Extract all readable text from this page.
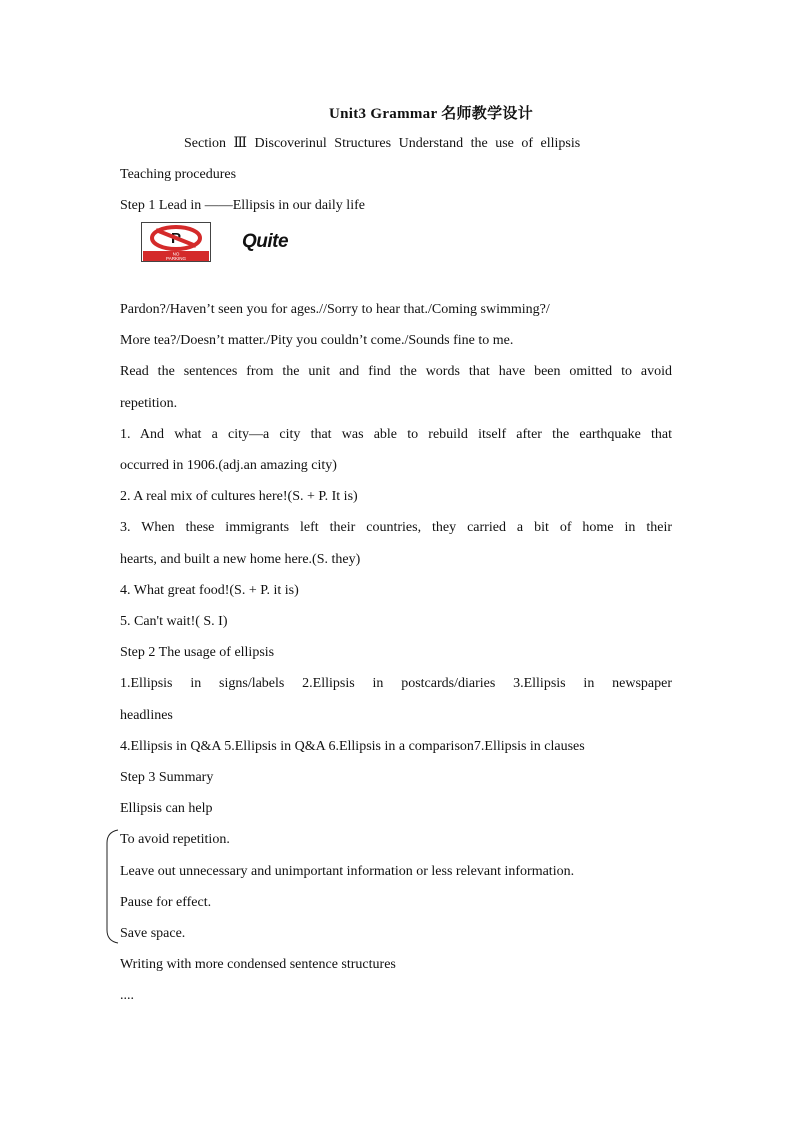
Unit3 Grammar 名师教学设计
Section Ⅲ Discoverinul Structures Understand the use of ellipsis
Teaching procedures
Step 1 Lead in ——Ellipsis in our daily life
NO
PARKING
Quite
Pardon?/Haven’t seen you for ages.//Sorry to hear that./Coming swimming?/
More tea?/Doesn’t matter./Pity you couldn’t come./Sounds fine to me.
Read the sentences from the unit and find the words that have been omitted to avoid
repetition.
1. And what a city—a city that was able to rebuild itself after the earthquake that
occurred in 1906.(adj.an amazing city)
2. A real mix of cultures here!(S. + P. It is)
3. When these immigrants left their countries, they carried a bit of home in their
hearts, and built a new home here.(S. they)
4. What great food!(S. + P. it is)
5. Can't wait!( S. I)
Step 2 The usage of ellipsis
1.Ellipsis in signs/labels 2.Ellipsis in postcards/diaries 3.Ellipsis in newspaper
headlines
4.Ellipsis in Q&A 5.Ellipsis in Q&A 6.Ellipsis in a comparison7.Ellipsis in clauses
Step 3 Summary
Ellipsis can help
To avoid repetition.
Leave out unnecessary and unimportant information or less relevant information.
Pause for effect.
Save space.
Writing with more condensed sentence structures
....
